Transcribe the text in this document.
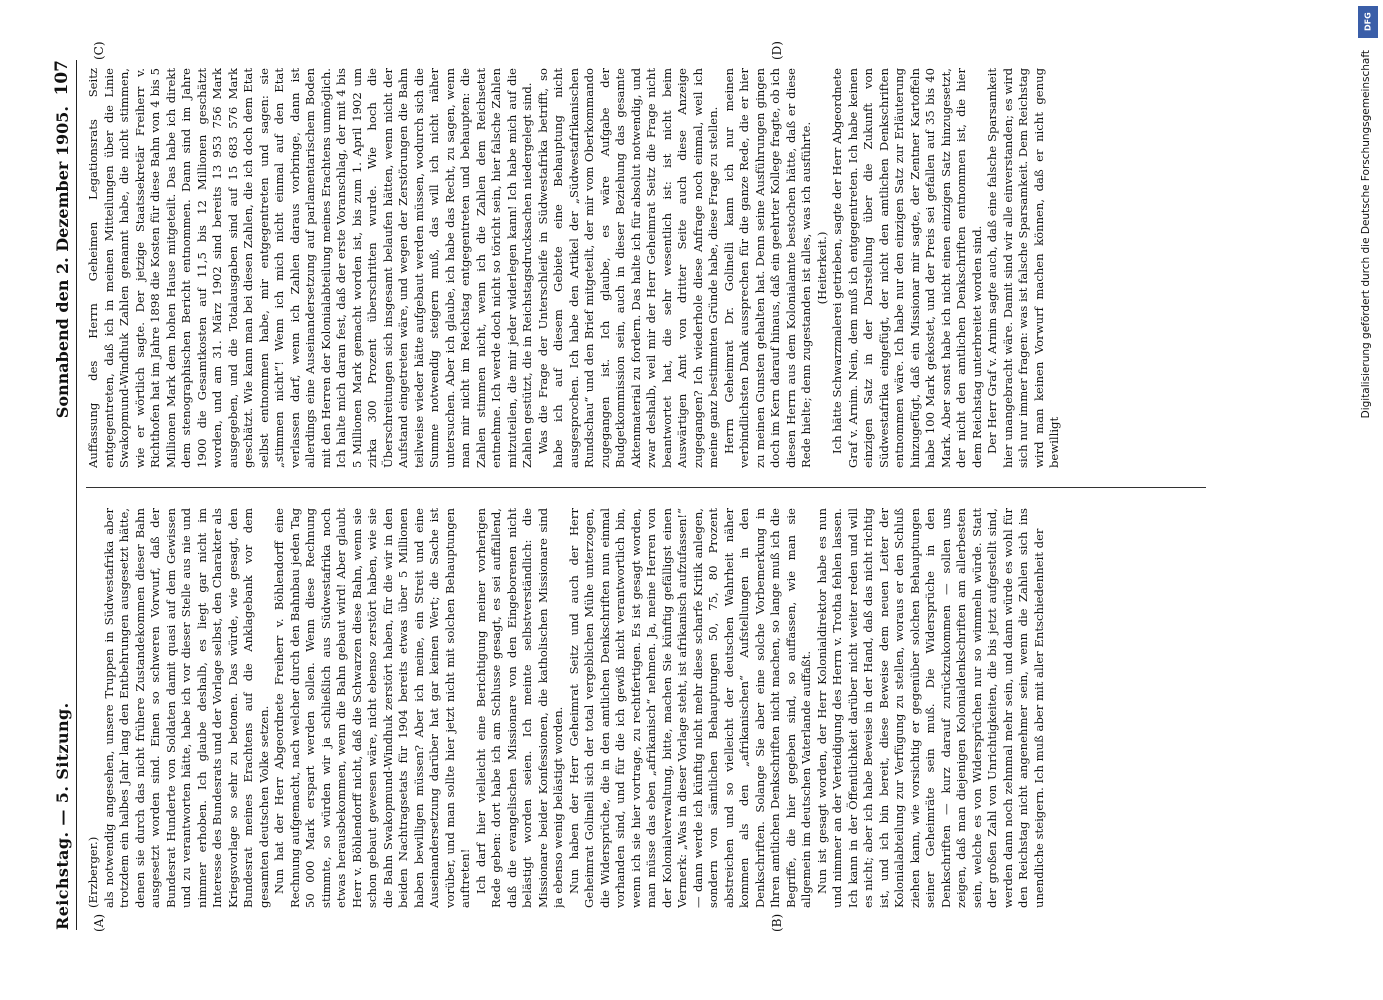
Reichstag. — 5. Sitzung.
Sonnabend den 2. Dezember 1905.
107
(A)	(B)
(C)	(D)

(Erzberger.) als notwendig angesehen, unsere Truppen in Südwestafrika aber trotzdem ein halbes Jahr lang den Entbehrungen ausgesetzt hätte, denen sie durch das nicht frühere Zustandekommen dieser Bahn ausgesetzt worden sind. Einen so schweren Vorwurf, daß der Bundesrat Hunderte von Soldaten damit quasi auf dem Gewissen und zu verantworten hätte, habe ich vor dieser Stelle aus nie und nimmer erhoben. Ich glaube deshalb, es liegt gar nicht im Interesse des Bundesrats und der Vorlage selbst, den Charakter als Kriegsvorlage so sehr zu betonen. Das würde, wie gesagt, den Bundesrat meines Erachtens auf die Anklagebank vor dem gesamten deutschen Volke setzen. Nun hat der Herr Abgeordnete Freiherr v. Böhlendorff eine Rechnung aufgemacht, nach welcher durch den Bahnbau jeden Tag 50 000 Mark erspart werden sollen. Wenn diese Rechnung stimmte, so würden wir ja schließlich aus Südwestafrika noch etwas herausbekommen, wenn die Bahn gebaut wird! Aber glaubt Herr v. Böhlendorff nicht, daß die Schwarzen diese Bahn, wenn sie schon gebaut gewesen wäre, nicht ebenso zerstört haben, wie sie die Bahn Swakopmund-Windhuk zerstört haben, für die wir in den beiden Nachtragsetats für 1904 bereits etwas über 5 Millionen haben bewilligen müssen? Aber ich meine, ein Streit und eine Auseinandersetzung darüber hat gar keinen Wert; die Sache ist vorüber, und man sollte hier jetzt nicht mit solchen Behauptungen auftreten! Ich darf hier vielleicht eine Berichtigung meiner vorherigen Rede geben: dort habe ich am Schlusse gesagt, es sei auffallend, daß die evangelischen Missionare von den Eingeborenen nicht belästigt worden seien. Ich meinte selbstverständlich: die Missionare beider Konfessionen, die katholischen Missionare sind ja ebenso wenig belästigt worden. Nun haben der Herr Geheimrat Seitz und auch der Herr Geheimrat Golinelli sich der total vergeblichen Mühe unterzogen, die Widersprüche, die in den amtlichen Denkschriften nun einmal vorhanden sind, und für die ich gewiß nicht verantwortlich bin, wenn ich sie hier vortrage, zu rechtfertigen. Es ist gesagt worden, man müsse das eben „afrikanisch“ nehmen. Ja, meine Herren von der Kolonialverwaltung, bitte, machen Sie künftig gefälligst einen Vermerk: „Was in dieser Vorlage steht, ist afrikanisch aufzufassen!“ — dann werde ich künftig nicht mehr diese scharfe Kritik anlegen, sondern von sämtlichen Behauptungen 50, 75, 80 Prozent abstreichen und so vielleicht der deutschen Wahrheit näher kommen als den „afrikanischen“ Aufstellungen in den Denkschriften. Solange Sie aber eine solche Vorbemerkung in Ihren amtlichen Denkschriften nicht machen, so lange muß ich die Begriffe, die hier gegeben sind, so auffassen, wie man sie allgemein im deutschen Vaterlande auffaßt. Nun ist gesagt worden, der Herr Kolonialdirektor habe es nun und nimmer an der Verteidigung des Herrn v. Trotha fehlen lassen. Ich kann in der Öffentlichkeit darüber nicht weiter reden und will es nicht; aber ich habe Beweise in der Hand, daß das nicht richtig ist, und ich bin bereit, diese Beweise dem neuen Leiter der Kolonialabteilung zur Verfügung zu stellen, woraus er den Schluß ziehen kann, wie vorsichtig er gegenüber solchen Behauptungen seiner Geheimräte sein muß. Die Widersprüche in den Denkschriften — kurz darauf zurückzukommen — sollen uns zeigen, daß man diejenigen Kolonialdenkschriften am allerbesten sein, welche es von Widersprüchen nur so wimmeln würde. Statt der großen Zahl von Unrichtigkeiten, die bis jetzt aufgestellt sind, werden dann noch zehnmal mehr sein, und dann würde es wohl für den Reichstag nicht angenehmer sein, wenn die Zahlen sich ins unendliche steigern. Ich muß aber mit aller Entschiedenheit der

Auffassung des Herrn Geheimen Legationsrats Seitz entgegentreten, daß ich in meinen Mitteilungen über die Linie Swakopmund-Windhuk Zahlen genannt habe, die nicht stimmen, wie er wörtlich sagte. Der jetzige Staatssekretär Freiherr v. Richthofen hat im Jahre 1898 die Kosten für diese Bahn von 4 bis 5 Millionen Mark dem hohen Hause mitgeteilt. Das habe ich direkt dem stenographischen Bericht entnommen. Dann sind im Jahre 1900 die Gesamtkosten auf 11,5 bis 12 Millionen geschätzt worden, und am 31. März 1902 sind bereits 13 953 756 Mark ausgegeben, und die Totalausgaben sind auf 15 683 576 Mark geschätzt. Wie kann man bei diesen Zahlen, die ich doch dem Etat selbst entnommen habe, mir entgegentreten und sagen: sie „stimmen nicht“! Wenn ich mich nicht einmal auf den Etat verlassen darf, wenn ich Zahlen daraus vorbringe, dann ist allerdings eine Auseinandersetzung auf parlamentarischem Boden mit den Herren der Kolonialabteilung meines Erachtens unmöglich. Ich halte mich daran fest, daß der erste Voranschlag, der mit 4 bis 5 Millionen Mark gemacht worden ist, bis zum 1. April 1902 um zirka 300 Prozent überschritten wurde. Wie hoch die Überschreitungen sich insgesamt belaufen hätten, wenn nicht der Aufstand eingetreten wäre, und wegen der Zerstörungen die Bahn teilweise wieder hätte aufgebaut werden müssen, wodurch sich die Summe notwendig steigern muß, das will ich nicht näher untersuchen. Aber ich glaube, ich habe das Recht, zu sagen, wenn man mir nicht im Reichstag entgegentreten und behaupten: die Zahlen stimmen nicht, wenn ich die Zahlen dem Reichsetat entnehme. Ich werde doch nicht so töricht sein, hier falsche Zahlen mitzuteilen, die mir jeder widerlegen kann! Ich habe mich auf die Zahlen gestützt, die in Reichstagsdrucksachen niedergelegt sind. Was die Frage der Unterschleife in Südwestafrika betrifft, so habe ich auf diesem Gebiete eine Behauptung nicht ausgesprochen. Ich habe den Artikel der „Südwestafrikanischen Rundschau“ und den Brief mitgeteilt, der mir vom Oberkommando zugegangen ist. Ich glaube, es wäre Aufgabe der Budgetkommission sein, auch in dieser Beziehung das gesamte Aktenmaterial zu fordern. Das halte ich für absolut notwendig, und zwar deshalb, weil mir der Herr Geheimrat Seitz die Frage nicht beantwortet hat, die sehr wesentlich ist: ist nicht beim Auswärtigen Amt von dritter Seite auch diese Anzeige zugegangen? Ich wiederhole diese Anfrage noch einmal, weil ich meine ganz bestimmten Gründe habe, diese Frage zu stellen. Herrn Geheimrat Dr. Golinelli kann ich nur meinen verbindlichsten Dank aussprechen für die ganze Rede, die er hier zu meinen Gunsten gehalten hat. Denn seine Ausführungen gingen doch im Kern darauf hinaus, daß ein geehrter Kollege fragte, ob ich diesen Herrn aus dem Kolonialamte bestochen hätte, daß er diese Rede hielte; denn zugestanden ist alles, was ich ausführte. (Heiterkeit.) Ich hätte Schwarzmalerei getrieben, sagte der Herr Abgeordnete Graf v. Arnim. Nein, dem muß ich entgegentreten. Ich habe keinen einzigen Satz in der Darstellung über die Zukunft von Südwestafrika eingefügt, der nicht den amtlichen Denkschriften entnommen wäre. Ich habe nur den einzigen Satz zur Erläuterung hinzugefügt, daß ein Missionar mir sagte, der Zentner Kartoffeln habe 100 Mark gekostet, und der Preis sei gefallen auf 35 bis 40 Mark. Aber sonst habe ich nicht einen einzigen Satz hinzugesetzt, der nicht den amtlichen Denkschriften entnommen ist, die hier dem Reichstag unterbreitet worden sind. Der Herr Graf v. Arnim sagte auch, daß eine falsche Sparsamkeit hier unangebracht wäre. Damit sind wir alle einverstanden; es wird sich nur immer fragen: was ist falsche Sparsamkeit. Dem Reichstag wird man keinen Vorwurf machen können, daß er nicht genug bewilligt

DFG
Digitalisierung gefördert durch die Deutsche Forschungsgemeinschaft
